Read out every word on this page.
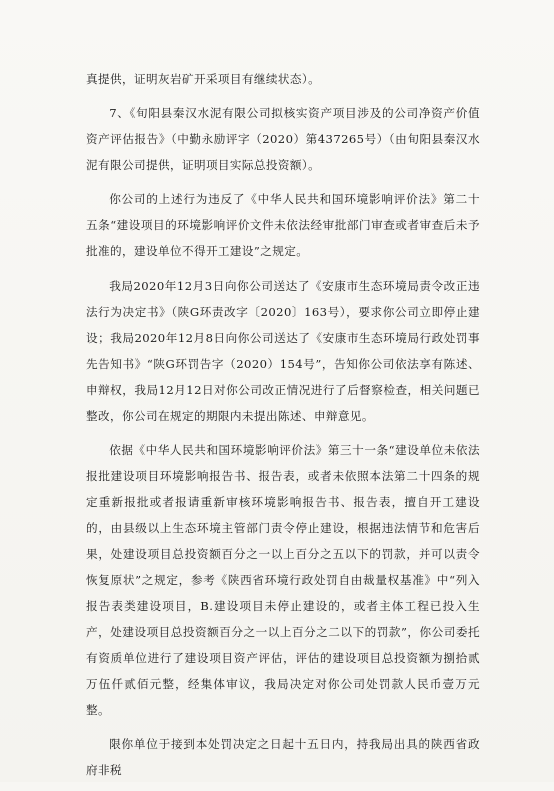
真提供，证明灰岩矿开采项目有继续状态）。

7、《旬阳县秦汉水泥有限公司拟核实资产项目涉及的公司净资产价值资产评估报告》（中勤永励评字（2020）第437265号）（由旬阳县秦汉水泥有限公司提供，证明项目实际总投资额）。

你公司的上述行为违反了《中华人民共和国环境影响评价法》第二十五条“建设项目的环境影响评价文件未依法经审批部门审查或者审查后未予批准的，建设单位不得开工建设”之规定。

我局2020年12月3日向你公司送达了《安康市生态环境局责令改正违法行为决定书》（陕G环责改字〔2020〕163号），要求你公司立即停止建设；我局2020年12月8日向你公司送达了《安康市生态环境局行政处罚事先告知书》“陕G环罚告字（2020）154号”，告知你公司依法享有陈述、申辩权，我局12月12日对你公司改正情况进行了后督察检查，相关问题已整改，你公司在规定的期限内未提出陈述、申辩意见。

依据《中华人民共和国环境影响评价法》第三十一条“建设单位未依法报批建设项目环境影响报告书、报告表，或者未依照本法第二十四条的规定重新报批或者报请重新审核环境影响报告书、报告表，擅自开工建设的，由县级以上生态环境主管部门责令停止建设，根据违法情节和危害后果，处建设项目总投资额百分之一以上百分之五以下的罚款，并可以责令恢复原状”之规定，参考《陕西省环境行政处罚自由裁量权基准》中“列入报告表类建设项目，B.建设项目未停止建设的，或者主体工程已投入生产，处建设项目总投资额百分之一以上百分之二以下的罚款”，你公司委托有资质单位进行了建设项目资产评估，评估的建设项目总投资额为捌拾贰万伍仟贰佰元整，经集体审议，我局决定对你公司处罚款人民币壹万元整。

限你单位于接到本处罚决定之日起十五日内，持我局出具的陕西省政府非税
